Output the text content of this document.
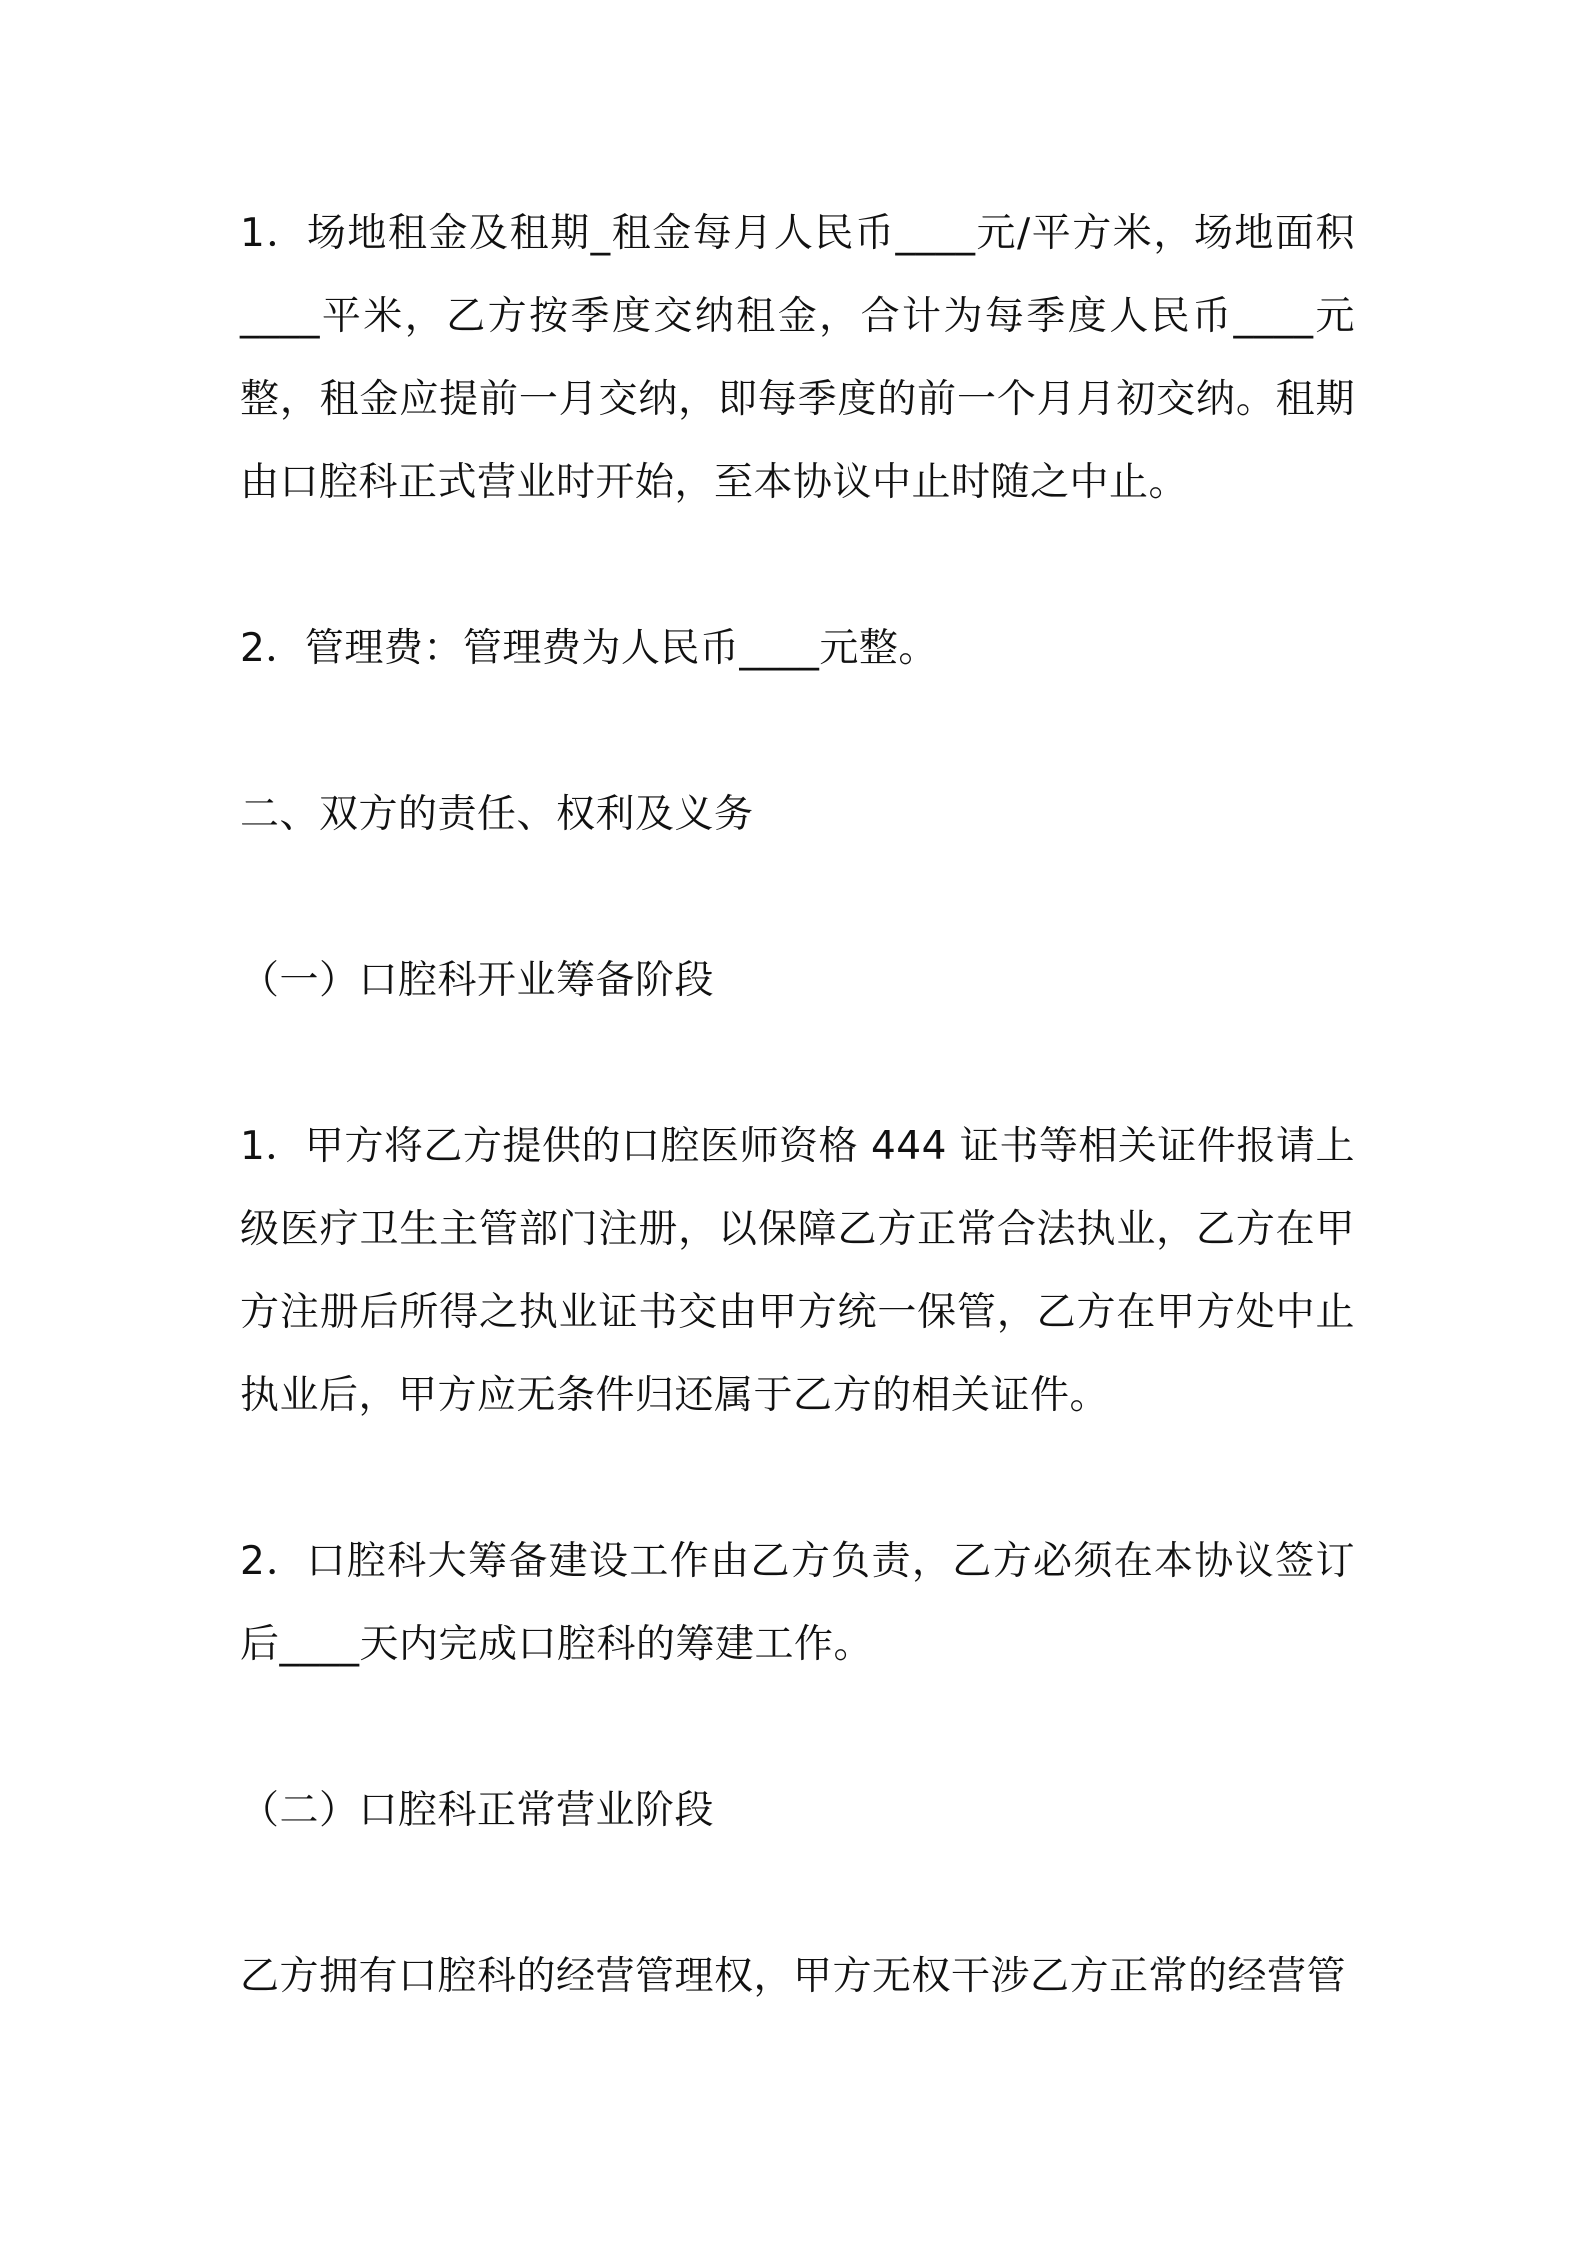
1．场地租金及租期_租金每月人民币____元/平方米，场地面积____平米，乙方按季度交纳租金，合计为每季度人民币____元整，租金应提前一月交纳，即每季度的前一个月月初交纳。租期由口腔科正式营业时开始，至本协议中止时随之中止。

2．管理费：管理费为人民币____元整。

二、双方的责任、权利及义务

（一）口腔科开业筹备阶段

1．甲方将乙方提供的口腔医师资格 444 证书等相关证件报请上级医疗卫生主管部门注册，以保障乙方正常合法执业，乙方在甲方注册后所得之执业证书交由甲方统一保管，乙方在甲方处中止执业后，甲方应无条件归还属于乙方的相关证件。

2．口腔科大筹备建设工作由乙方负责，乙方必须在本协议签订后____天内完成口腔科的筹建工作。

（二）口腔科正常营业阶段

乙方拥有口腔科的经营管理权，甲方无权干涉乙方正常的经营管
